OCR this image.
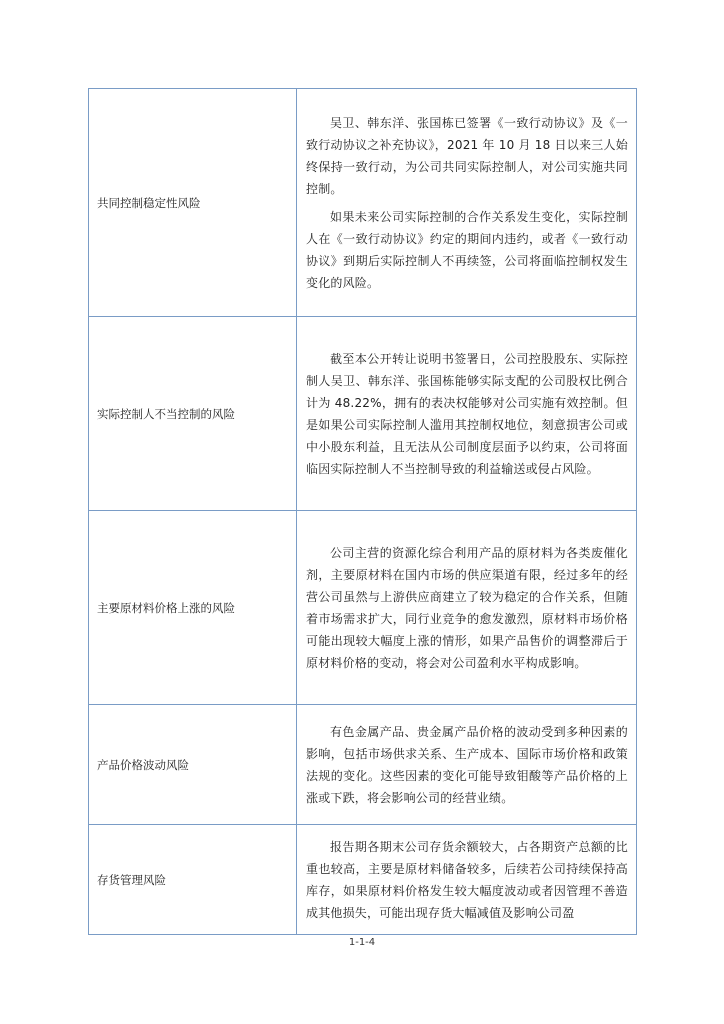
共同控制稳定性风险	吴卫、韩东洋、张国栋已签署《一致行动协议》及《一致行动协议之补充协议》，2021 年 10 月 18 日以来三人始终保持一致行动，为公司共同实际控制人，对公司实施共同控制。

如果未来公司实际控制的合作关系发生变化，实际控制人在《一致行动协议》约定的期间内违约，或者《一致行动协议》到期后实际控制人不再续签，公司将面临控制权发生变化的风险。

实际控制人不当控制的风险	截至本公开转让说明书签署日，公司控股股东、实际控制人吴卫、韩东洋、张国栋能够实际支配的公司股权比例合计为 48.22%，拥有的表决权能够对公司实施有效控制。但是如果公司实际控制人滥用其控制权地位，刻意损害公司或中小股东利益，且无法从公司制度层面予以约束，公司将面临因实际控制人不当控制导致的利益输送或侵占风险。

主要原材料价格上涨的风险	公司主营的资源化综合利用产品的原材料为各类废催化剂，主要原材料在国内市场的供应渠道有限，经过多年的经营公司虽然与上游供应商建立了较为稳定的合作关系，但随着市场需求扩大，同行业竞争的愈发激烈，原材料市场价格可能出现较大幅度上涨的情形，如果产品售价的调整滞后于原材料价格的变动，将会对公司盈利水平构成影响。

产品价格波动风险	有色金属产品、贵金属产品价格的波动受到多种因素的影响，包括市场供求关系、生产成本、国际市场价格和政策法规的变化。这些因素的变化可能导致钼酸等产品价格的上涨或下跌，将会影响公司的经营业绩。

存货管理风险	报告期各期末公司存货余额较大，占各期资产总额的比重也较高，主要是原材料储备较多，后续若公司持续保持高库存，如果原材料价格发生较大幅度波动或者因管理不善造成其他损失，可能出现存货大幅减值及影响公司盈

1-1-4
